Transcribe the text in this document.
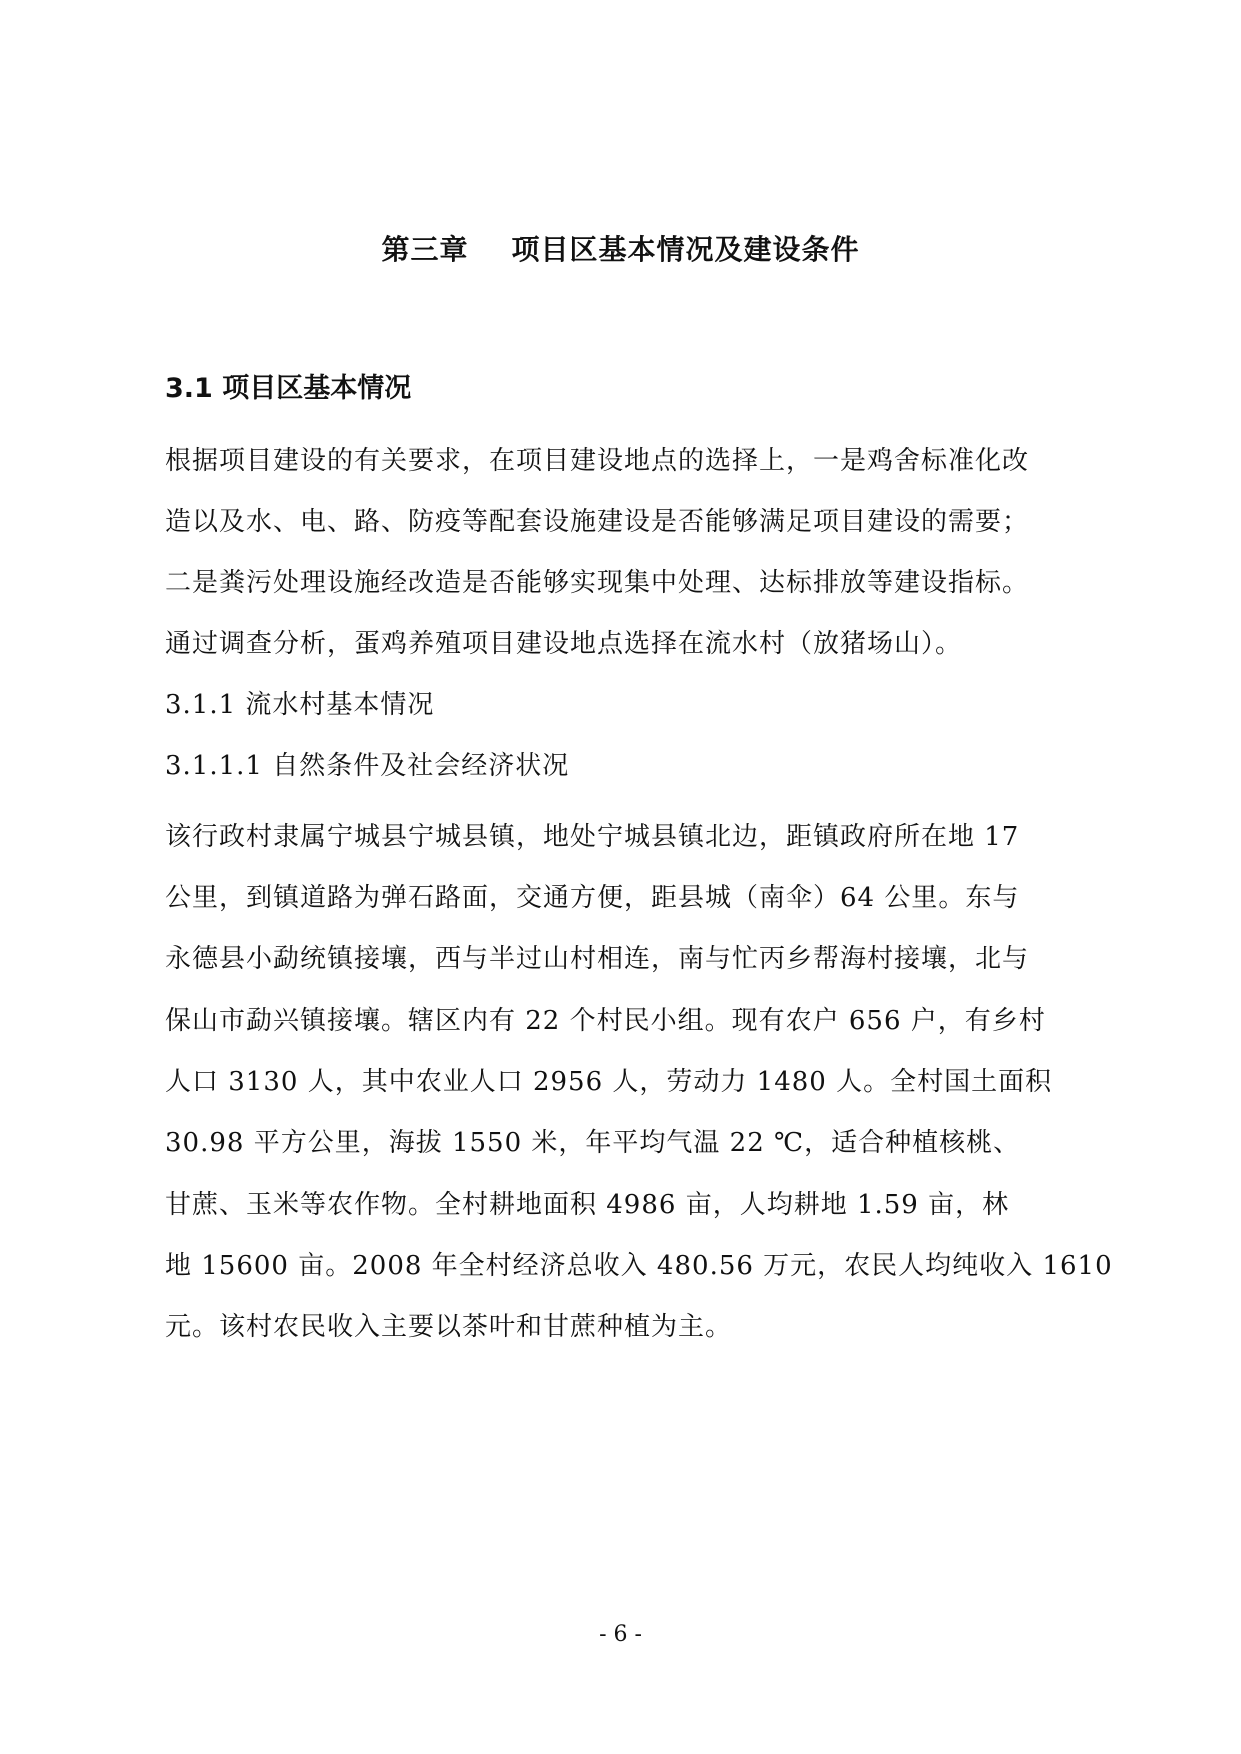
第三章    项目区基本情况及建设条件
3.1 项目区基本情况
根据项目建设的有关要求，在项目建设地点的选择上，一是鸡舍标准化改
造以及水、电、路、防疫等配套设施建设是否能够满足项目建设的需要；
二是粪污处理设施经改造是否能够实现集中处理、达标排放等建设指标。
通过调查分析，蛋鸡养殖项目建设地点选择在流水村（放猪场山）。
3.1.1 流水村基本情况
3.1.1.1 自然条件及社会经济状况
该行政村隶属宁城县宁城县镇，地处宁城县镇北边，距镇政府所在地 17
公里，到镇道路为弹石路面，交通方便，距县城（南伞）64 公里。东与
永德县小勐统镇接壤，西与半过山村相连，南与忙丙乡帮海村接壤，北与
保山市勐兴镇接壤。辖区内有 22 个村民小组。现有农户 656 户，有乡村
人口 3130 人，其中农业人口 2956 人，劳动力 1480 人。全村国土面积
30.98 平方公里，海拔 1550 米，年平均气温 22 ℃，适合种植核桃、
甘蔗、玉米等农作物。全村耕地面积 4986 亩，人均耕地 1.59 亩，林
地 15600 亩。2008 年全村经济总收入 480.56 万元，农民人均纯收入 1610
元。该村农民收入主要以茶叶和甘蔗种植为主。
- 6 -
